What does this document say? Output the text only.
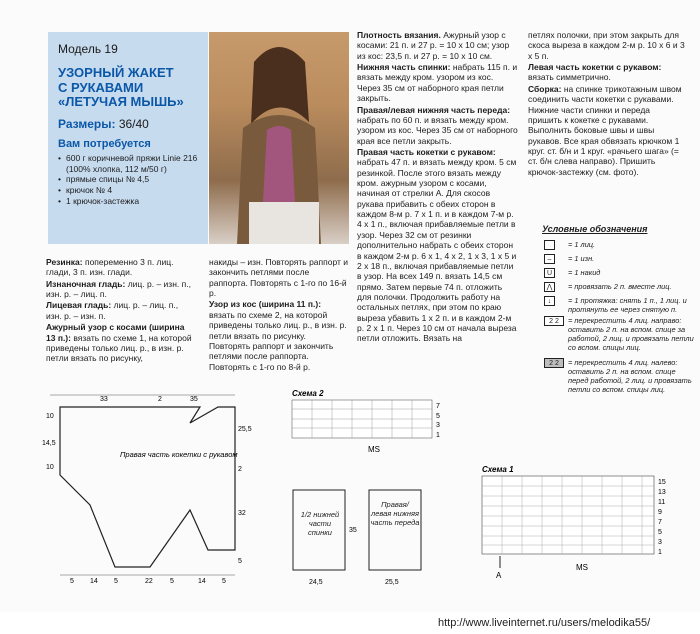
Модель 19
УЗОРНЫЙ ЖАКЕТ
С РУКАВАМИ
«ЛЕТУЧАЯ МЫШЬ»
Размеры: 36/40
Вам потребуется
• 600 г коричневой пряжи Linie 216 (100% хлопка, 112 м/50 г)
• прямые спицы № 4,5
• крючок № 4
• 1 крючок-застежка

Резинка: попеременно 3 п. лиц. глади, 3 п. изн. глади.

Изнаночная гладь: лиц. р. – изн. п., изн. р. – лиц. п.

Лицевая гладь: лиц. р. – лиц. п., изн. р. – изн. п.

Ажурный узор с косами (ширина 13 п.): вязать по схеме 1, на которой приведены только лиц. р., в изн. р. петли вязать по рисунку,

накиды – изн. Повторять раппорт и закончить петлями после раппорта. Повторять с 1-го по 16-й р.

Узор из кос (ширина 11 п.): вязать по схеме 2, на которой приведены только лиц. р., в изн. р. петли вязать по рисунку. Повторять раппорт и закончить петлями после раппорта. Повторять с 1-го по 8-й р.

Плотность вязания. Ажурный узор с косами: 21 п. и 27 р. = 10 х 10 см; узор из кос: 23,5 п. и 27 р. = 10 х 10 см.

Нижняя часть спинки: набрать 115 п. и вязать между кром. узором из кос. Через 35 см от наборного края петли закрыть.

Правая/левая нижняя часть переда: набрать по 60 п. и вязать между кром. узором из кос. Через 35 см от наборного края все петли закрыть.

Правая часть кокетки с рукавом: набрать 47 п. и вязать между кром. 5 см резинкой. После этого вязать между кром. ажурным узором с косами, начиная от стрелки А. Для скосов рукава прибавить с обеих сторон в каждом 8-м р. 7 х 1 п. и в каждом 7-м р. 4 х 1 п., включая прибавляемые петли в узор. Через 32 см от резинки дополнительно набрать с обеих сторон в каждом 2-м р. 6 х 1, 4 х 2, 1 х 3, 1 х 5 и 2 х 18 п., включая прибавляемые петли в узор. На всех 149 п. вязать 14,5 см прямо. Затем первые 74 п. отложить для полочки. Продолжить работу на остальных петлях, при этом по краю выреза убавить 1 х 2 п. и в каждом 2-м р. 2 х 1 п. Через 10 см от начала выреза петли отложить. Вязать на

петлях полочки, при этом закрыть для скоса выреза в каждом 2-м р. 10 х 6 и 3 х 5 п.

Левая часть кокетки с рукавом: вязать симметрично.

Сборка: на спинке трикотажным швом соединить части кокетки с рукавами. Нижние части спинки и переда пришить к кокетке с рукавами. Выполнить боковые швы и швы рукавов. Все края обвязать крючком 1 круг. ст. б/н и 1 круг. «рачьего шага» (= ст. б/н слева направо). Пришить крючок-застежку (см. фото).

Условные обозначения
= 1 лиц.
–	= 1 изн.
U	= 1 накид
⋀	= провязать 2 п. вместе лиц.
↓	= 1 протяжка: снять 1 п., 1 лиц. и протянуть ее через снятую п.
2 2	= перекрестить 4 лиц. направо: оставить 2 п. на вспом. спице за работой, 2 лиц. и провязать петли со вспом. спицы лиц.
2 2	= перекрестить 4 лиц. налево: оставить 2 п. на вспом. спице перед работой, 2 лиц. и провязать петли со вспом. спицы лиц.
33	2	35
10
14,5
10
25,5
2
32
5
Правая часть кокетки с рукавом
5 14 5	22 5	14 5
Схема 2
7
5
3
1
MS
35
24,5	25,5
1/2 нижней части спинки
Правая/ левая нижняя часть переда
Схема 1
15
13
11
9
7
5
3
1
A
MS
http://www.liveinternet.ru/users/melodika55/
